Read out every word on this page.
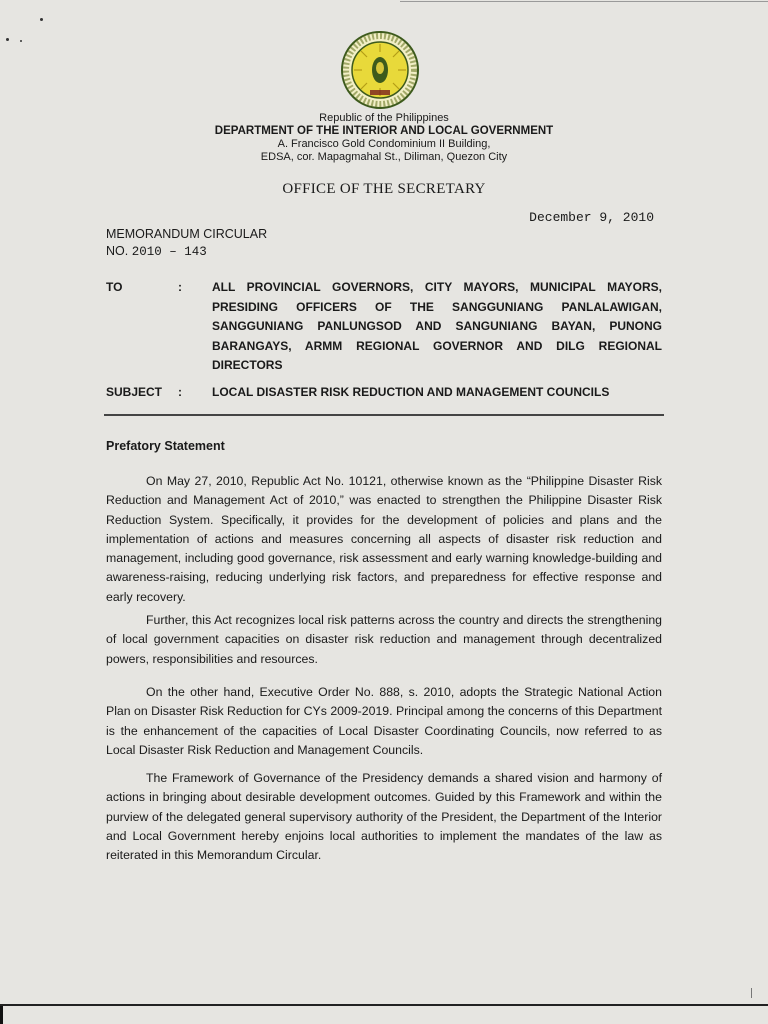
Republic of the Philippines
DEPARTMENT OF THE INTERIOR AND LOCAL GOVERNMENT
A. Francisco Gold Condominium II Building,
EDSA, cor. Mapagmahal St., Diliman, Quezon City
OFFICE OF THE SECRETARY
December 9, 2010
MEMORANDUM CIRCULAR
NO. 2010 – 143
TO	:	ALL PROVINCIAL GOVERNORS, CITY MAYORS, MUNICIPAL MAYORS, PRESIDING OFFICERS OF THE SANGGUNIANG PANLALAWIGAN, SANGGUNIANG PANLUNGSOD AND SANGUNIANG BAYAN, PUNONG BARANGAYS, ARMM REGIONAL GOVERNOR AND DILG REGIONAL DIRECTORS
SUBJECT :	LOCAL DISASTER RISK REDUCTION AND MANAGEMENT COUNCILS
Prefatory Statement

On May 27, 2010, Republic Act No. 10121, otherwise known as the “Philippine Disaster Risk Reduction and Management Act of 2010,” was enacted to strengthen the Philippine Disaster Risk Reduction System. Specifically, it provides for the development of policies and plans and the implementation of actions and measures concerning all aspects of disaster risk reduction and management, including good governance, risk assessment and early warning knowledge-building and awareness-raising, reducing underlying risk factors, and preparedness for effective response and early recovery.

Further, this Act recognizes local risk patterns across the country and directs the strengthening of local government capacities on disaster risk reduction and management through decentralized powers, responsibilities and resources.

On the other hand, Executive Order No. 888, s. 2010, adopts the Strategic National Action Plan on Disaster Risk Reduction for CYs 2009-2019. Principal among the concerns of this Department is the enhancement of the capacities of Local Disaster Coordinating Councils, now referred to as Local Disaster Risk Reduction and Management Councils.

The Framework of Governance of the Presidency demands a shared vision and harmony of actions in bringing about desirable development outcomes. Guided by this Framework and within the purview of the delegated general supervisory authority of the President, the Department of the Interior and Local Government hereby enjoins local authorities to implement the mandates of the law as reiterated in this Memorandum Circular.
